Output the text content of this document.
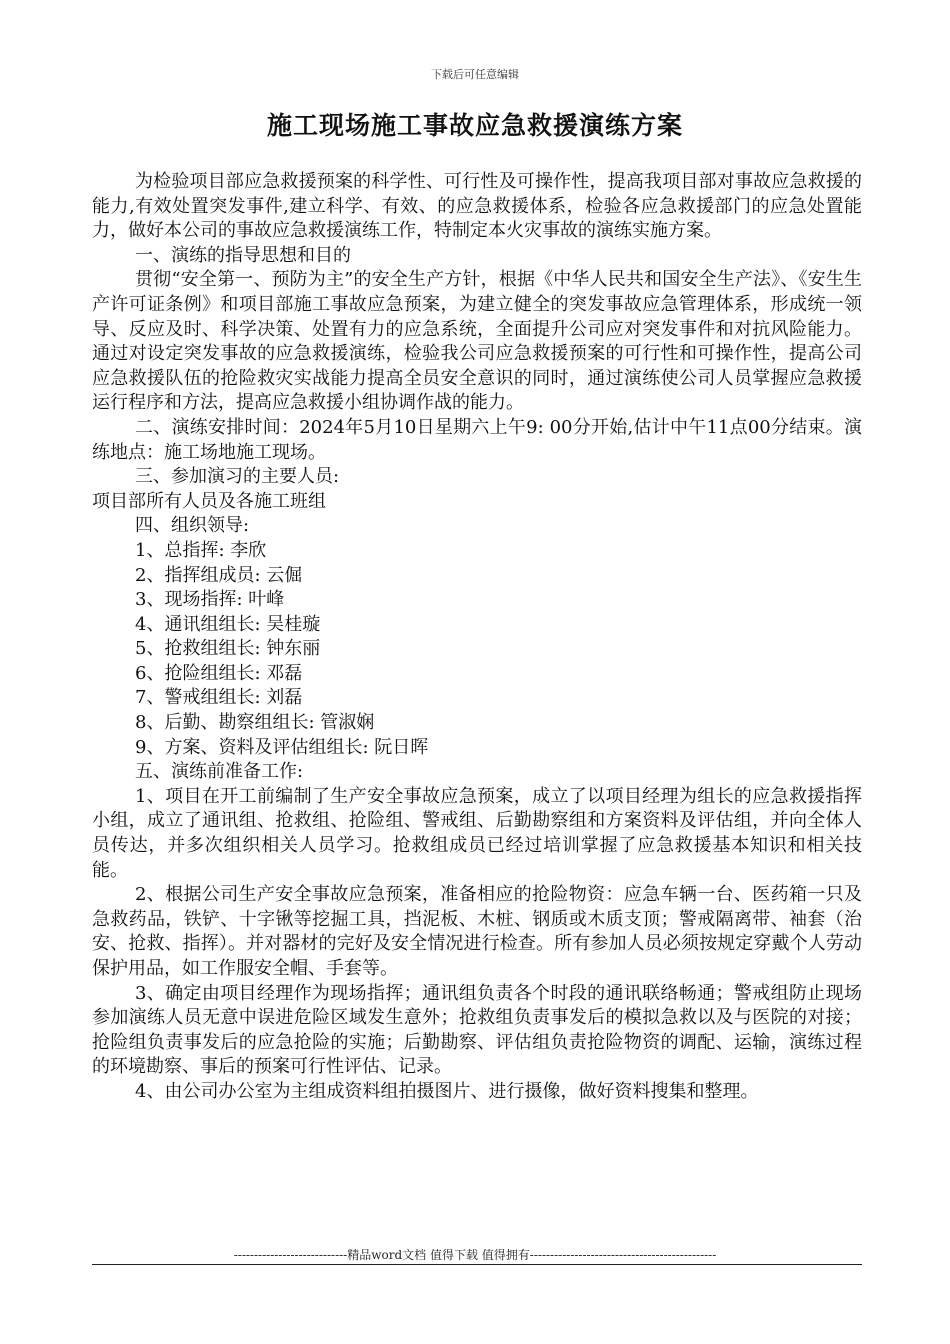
下载后可任意编辑
施工现场施工事故应急救援演练方案

为检验项目部应急救援预案的科学性、可行性及可操作性，提高我项目部对事故应急救援的能力,有效处置突发事件,建立科学、有效、的应急救援体系，检验各应急救援部门的应急处置能力，做好本公司的事故应急救援演练工作，特制定本火灾事故的演练实施方案。

一、演练的指导思想和目的

贯彻“安全第一、预防为主”的安全生产方针，根据《中华人民共和国安全生产法》、《安生生产许可证条例》和项目部施工事故应急预案，为建立健全的突发事故应急管理体系，形成统一领导、反应及时、科学决策、处置有力的应急系统，全面提升公司应对突发事件和对抗风险能力。通过对设定突发事故的应急救援演练，检验我公司应急救援预案的可行性和可操作性，提高公司应急救援队伍的抢险救灾实战能力提高全员安全意识的同时，通过演练使公司人员掌握应急救援运行程序和方法，提高应急救援小组协调作战的能力。

二、演练安排时间：2024年5月10日星期六上午9: 00分开始,估计中午11点00分结束。演练地点：施工场地施工现场。

三、参加演习的主要人员:

项目部所有人员及各施工班组

四、组织领导:

1、总指挥: 李欣

2、指挥组成员: 云倔

3、现场指挥: 叶峰

4、通讯组组长: 吴桂璇

5、抢救组组长: 钟东丽

6、抢险组组长: 邓磊

7、警戒组组长: 刘磊

8、后勤、勘察组组长: 管淑娴

9、方案、资料及评估组组长: 阮日晖

五、演练前准备工作:

1、项目在开工前编制了生产安全事故应急预案，成立了以项目经理为组长的应急救援指挥小组，成立了通讯组、抢救组、抢险组、警戒组、后勤勘察组和方案资料及评估组，并向全体人员传达，并多次组织相关人员学习。抢救组成员已经过培训掌握了应急救援基本知识和相关技能。

2、根据公司生产安全事故应急预案，准备相应的抢险物资：应急车辆一台、医药箱一只及急救药品，铁铲、十字锹等挖掘工具，挡泥板、木桩、钢质或木质支顶；警戒隔离带、袖套（治安、抢救、指挥）。并对器材的完好及安全情况进行检查。所有参加人员必须按规定穿戴个人劳动保护用品，如工作服安全帽、手套等。

3、确定由项目经理作为现场指挥；通讯组负责各个时段的通讯联络畅通；警戒组防止现场参加演练人员无意中误进危险区域发生意外；抢救组负责事发后的模拟急救以及与医院的对接；抢险组负责事发后的应急抢险的实施；后勤勘察、评估组负责抢险物资的调配、运输，演练过程的环境勘察、事后的预案可行性评估、记录。

4、由公司办公室为主组成资料组拍摄图片、进行摄像，做好资料搜集和整理。

----------------------------精品word文档 值得下载 值得拥有----------------------------------------------
